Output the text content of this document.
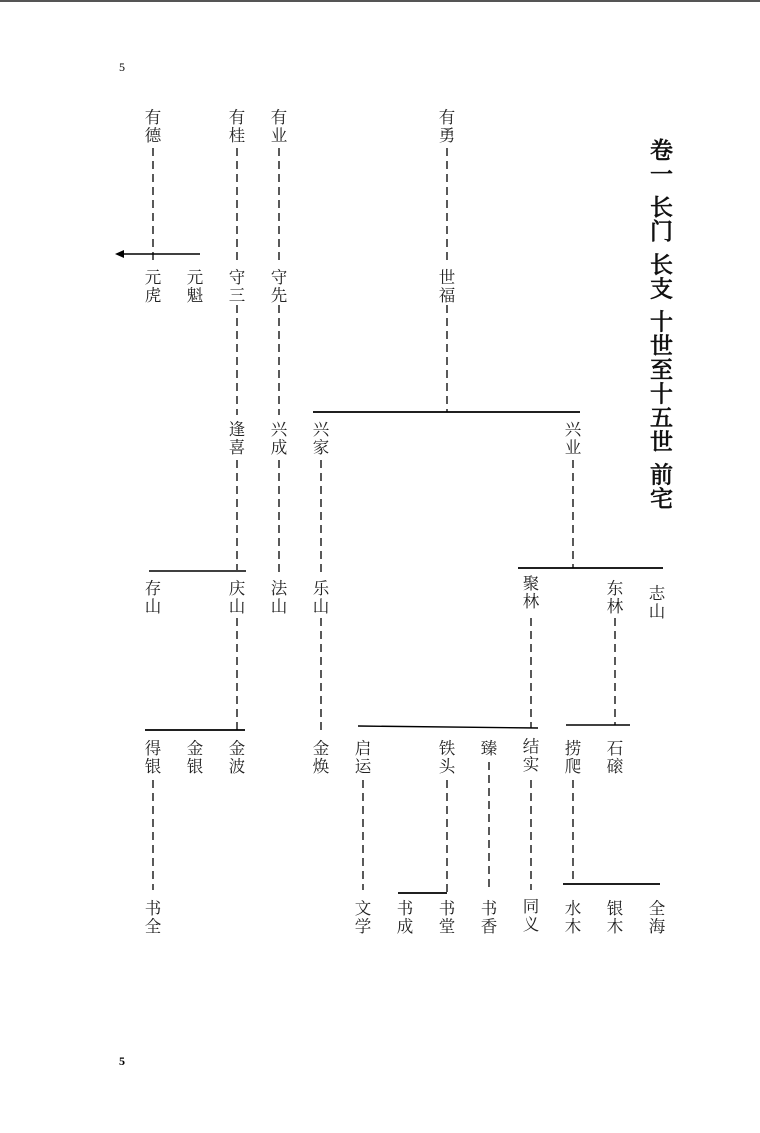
5
5
卷一 长门 长支 十世至十五世 前宅
有
德
有
桂
有
业
有
勇
元
虎
元
魁
守
三
守
先
世
福
逢
喜
兴
成
兴
家
兴
业
存
山
庆
山
法
山
乐
山
聚
林
东
林
志
山
得
银
金
银
金
波
金
焕
启
运
铁
头
臻 结
实
捞
爬
石
磙
书
全
文
学
书
成
书
堂
书
香
同
义
水
木
银
木
全
海
